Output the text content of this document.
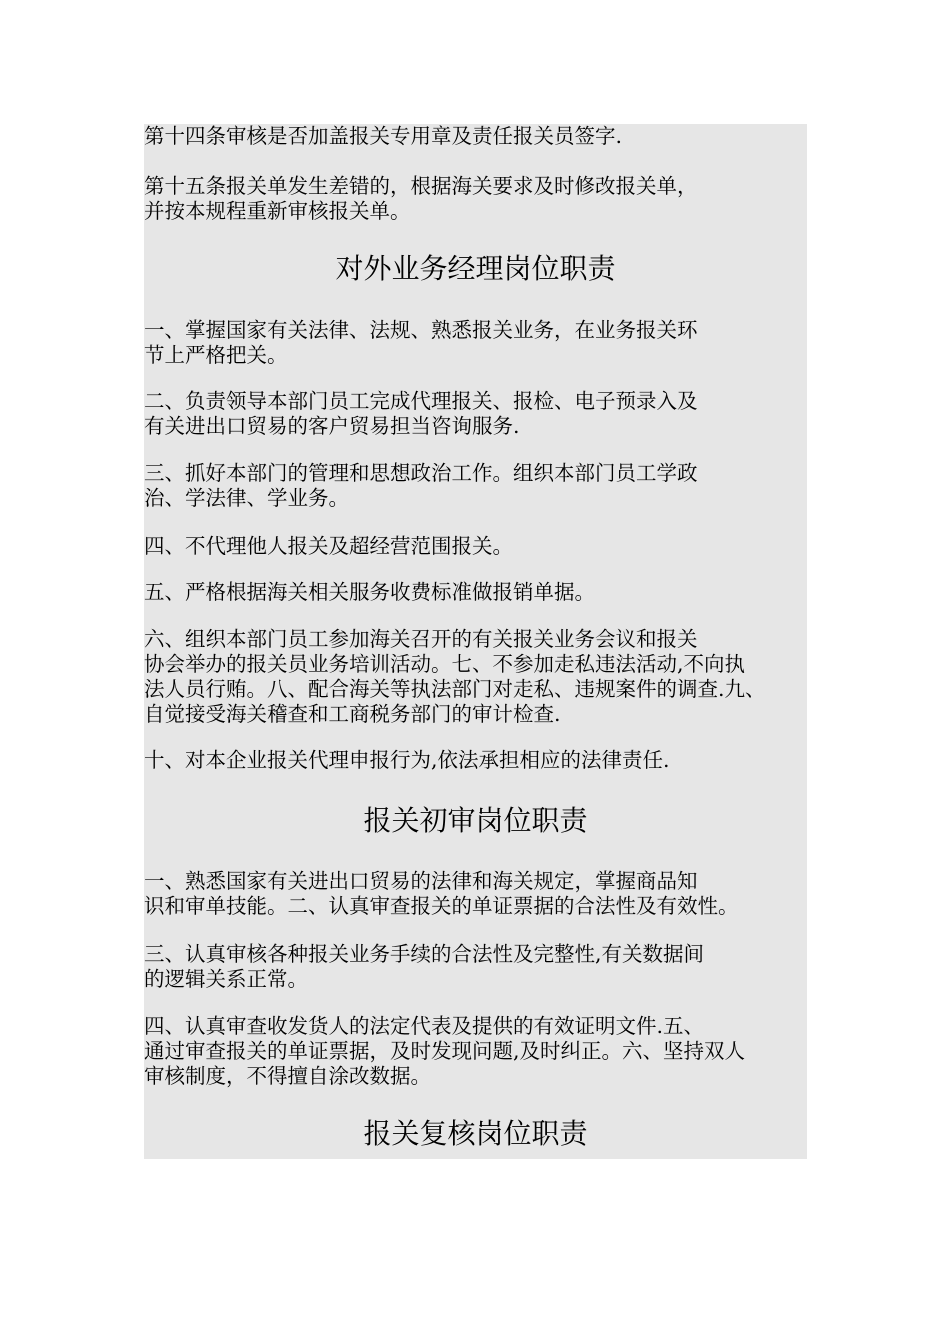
第十四条审核是否加盖报关专用章及责任报关员签字.

第十五条报关单发生差错的，根据海关要求及时修改报关单，
并按本规程重新审核报关单。

对外业务经理岗位职责

一、掌握国家有关法律、法规、熟悉报关业务，在业务报关环
节上严格把关。

二、负责领导本部门员工完成代理报关、报检、电子预录入及
有关进出口贸易的客户贸易担当咨询服务.

三、抓好本部门的管理和思想政治工作。组织本部门员工学政
治、学法律、学业务。

四、不代理他人报关及超经营范围报关。

五、严格根据海关相关服务收费标准做报销单据。

六、组织本部门员工参加海关召开的有关报关业务会议和报关
协会举办的报关员业务培训活动。七、不参加走私违法活动,不向执
法人员行贿。八、配合海关等执法部门对走私、违规案件的调查.九、
自觉接受海关稽查和工商税务部门的审计检查.

十、对本企业报关代理申报行为,依法承担相应的法律责任.

报关初审岗位职责

一、熟悉国家有关进出口贸易的法律和海关规定，掌握商品知
识和审单技能。二、认真审查报关的单证票据的合法性及有效性。

三、认真审核各种报关业务手续的合法性及完整性,有关数据间
的逻辑关系正常。

四、认真审查收发货人的法定代表及提供的有效证明文件.五、
通过审查报关的单证票据，及时发现问题,及时纠正。六、坚持双人
审核制度，不得擅自涂改数据。

报关复核岗位职责
